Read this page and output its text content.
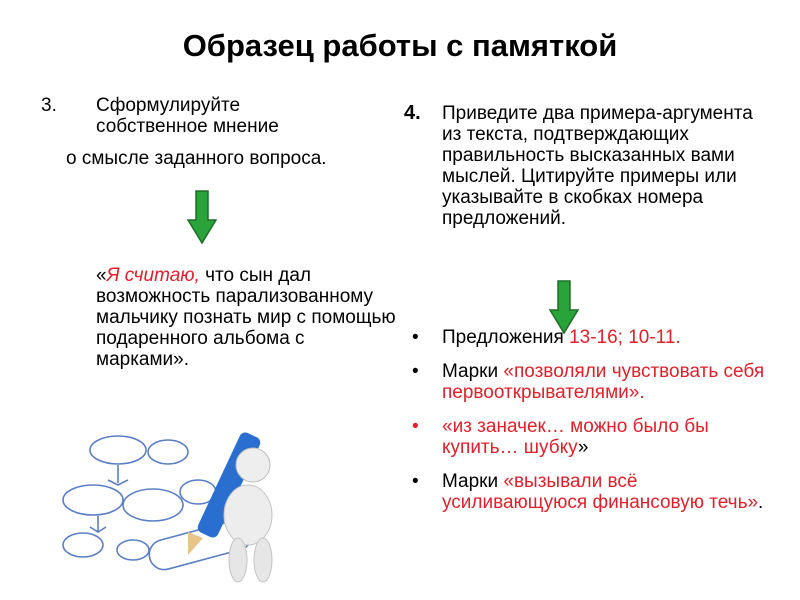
Образец работы с памяткой
3. Сформулируйте собственное мнение
о смысле заданного вопроса.
«Я считаю, что сын дал возможность парализованному мальчику познать мир с помощью подаренного альбома с марками».
4. Приведите два примера-аргумента из текста, подтверждающих правильность высказанных вами мыслей. Цитируйте примеры или указывайте в скобках номера предложений.
• Предложения 13-16; 10-11.
• Марки «позволяли чувствовать себя первооткрывателями».
• «из заначек… можно было бы купить… шубку»
• Марки «вызывали всё усиливающуюся финансовую течь».
